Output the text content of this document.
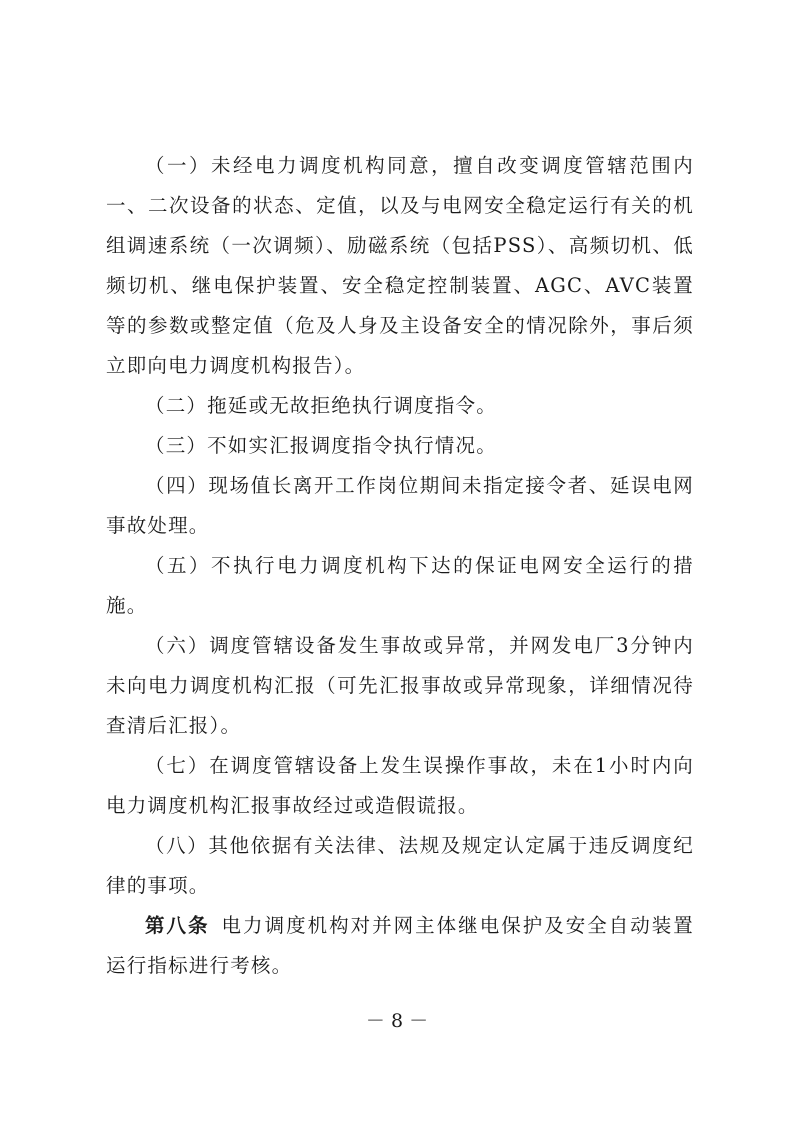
（一）未经电力调度机构同意，擅自改变调度管辖范围内一、二次设备的状态、定值，以及与电网安全稳定运行有关的机组调速系统（一次调频）、励磁系统（包括PSS）、高频切机、低频切机、继电保护装置、安全稳定控制装置、AGC、AVC装置等的参数或整定值（危及人身及主设备安全的情况除外，事后须立即向电力调度机构报告）。

（二）拖延或无故拒绝执行调度指令。

（三）不如实汇报调度指令执行情况。

（四）现场值长离开工作岗位期间未指定接令者、延误电网事故处理。

（五）不执行电力调度机构下达的保证电网安全运行的措施。

（六）调度管辖设备发生事故或异常，并网发电厂3分钟内未向电力调度机构汇报（可先汇报事故或异常现象，详细情况待查清后汇报）。

（七）在调度管辖设备上发生误操作事故，未在1小时内向电力调度机构汇报事故经过或造假谎报。

（八）其他依据有关法律、法规及规定认定属于违反调度纪律的事项。

第八条 电力调度机构对并网主体继电保护及安全自动装置运行指标进行考核。

－ 8 －
